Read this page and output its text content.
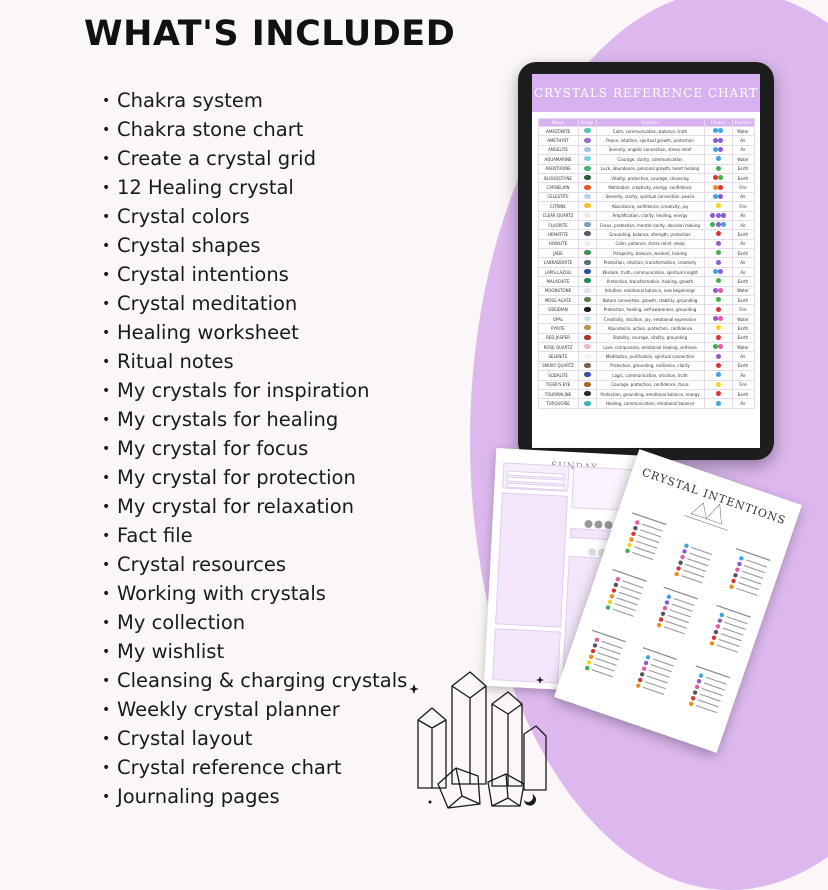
WHAT'S INCLUDED
• Chakra system
• Chakra stone chart
• Create a crystal grid
• 12 Healing crystal
• Crystal colors
• Crystal shapes
• Crystal intentions
• Crystal meditation
• Healing worksheet
• Ritual notes
• My crystals for inspiration
• My crystals for healing
• My crystal for focus
• My crystal for protection
• My crystal for relaxation
• Fact file
• Crystal resources
• Working with crystals
• My collection
• My wishlist
• Cleansing & charging crystals
• Weekly crystal planner
• Crystal layout
• Crystal reference chart
• Journaling pages
CRYSTALS REFERENCE CHART
Name	Image	Qualities	Chakra	Element
AMAZONITE		Calm, communication, balance, truth		Water
AMETHYST		Peace, intuition, spiritual growth, protection		Air
ANGELITE		Serenity, angelic connection, stress relief		Air
AQUAMARINE		Courage, clarity, communication		Water
AVENTURINE		Luck, abundance, personal growth, heart healing		Earth
BLOODSTONE		Vitality, protection, courage, cleansing		Earth
CARNELIAN		Motivation, creativity, energy, confidence		Fire
CELESTITE		Serenity, clarity, spiritual connection, peace		Air
CITRINE		Abundance, confidence, creativity, joy		Fire
CLEAR QUARTZ		Amplification, clarity, healing, energy		Air
FLUORITE		Focus, protection, mental clarity, decision making		Air
HEMATITE		Grounding, balance, strength, protection		Earth
HOWLITE		Calm, patience, stress relief, sleep		Air
JADE		Prosperity, balance, wisdom, healing		Earth
LABRADORITE		Protection, intuition, transformation, creativity		Air
LAPIS LAZULI		Wisdom, truth, communication, spiritual insight		Air
MALACHITE		Protection, transformation, healing, growth		Earth
MOONSTONE		Intuition, emotional balance, new beginnings		Water
MOSS AGATE		Nature connection, growth, stability, grounding		Earth
OBSIDIAN		Protection, healing, self-awareness, grounding		Fire
OPAL		Creativity, intuition, joy, emotional expression		Water
PYRITE		Abundance, action, protection, confidence		Earth
RED JASPER		Stability, courage, vitality, grounding		Earth
ROSE QUARTZ		Love, compassion, emotional healing, self-love		Water
SELENITE		Meditation, purification, spiritual connection		Air
SMOKY QUARTZ		Protection, grounding, resilience, clarity		Earth
SODALITE		Logic, communication, intuition, truth		Air
TIGER'S EYE		Courage, protection, confidence, focus		Fire
TOURMALINE		Protection, grounding, emotional balance, energy		Earth
TURQUOISE		Healing, communication, emotional balance		Air
CRYSTAL INTENTIONS
